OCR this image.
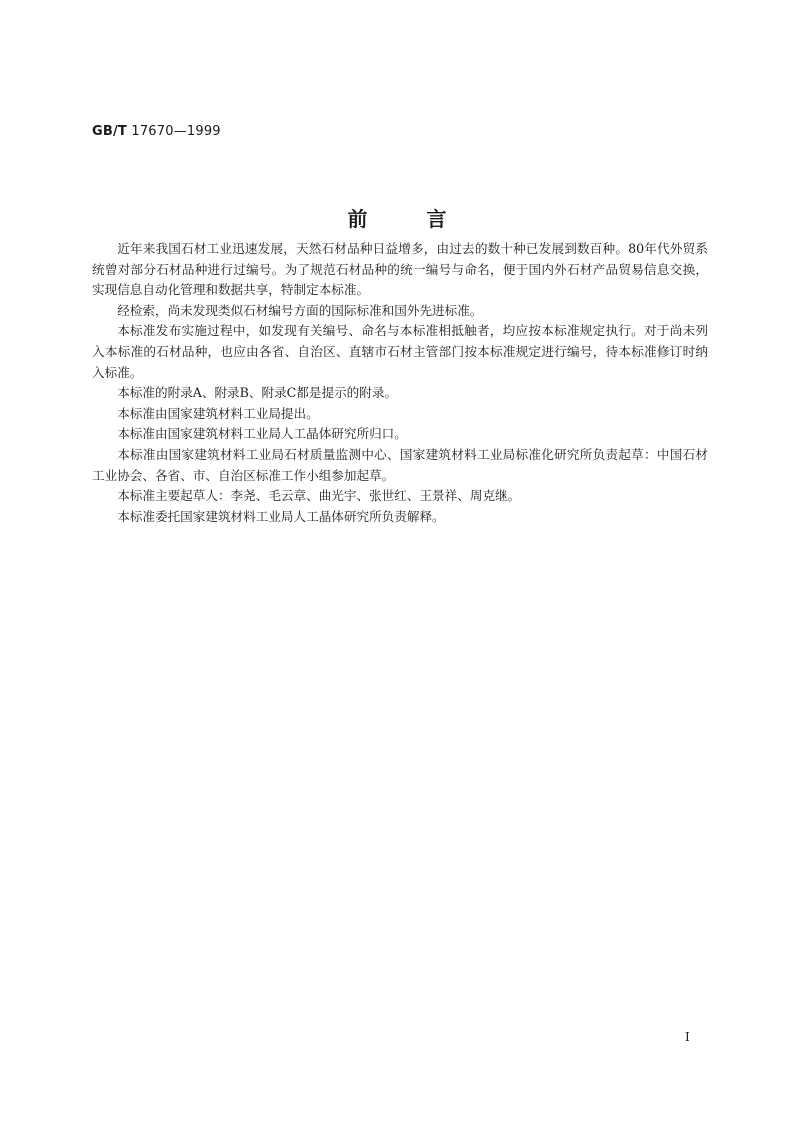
GB/T 17670—1999
前 言

近年来我国石材工业迅速发展，天然石材品种日益增多，由过去的数十种已发展到数百种。80年代外贸系统曾对部分石材品种进行过编号。为了规范石材品种的统一编号与命名，便于国内外石材产品贸易信息交换，实现信息自动化管理和数据共享，特制定本标准。

经检索，尚未发现类似石材编号方面的国际标准和国外先进标准。

本标准发布实施过程中，如发现有关编号、命名与本标准相抵触者，均应按本标准规定执行。对于尚未列入本标准的石材品种，也应由各省、自治区、直辖市石材主管部门按本标准规定进行编号，待本标准修订时纳入标准。

本标准的附录A、附录B、附录C都是提示的附录。

本标准由国家建筑材料工业局提出。

本标准由国家建筑材料工业局人工晶体研究所归口。

本标准由国家建筑材料工业局石材质量监测中心、国家建筑材料工业局标准化研究所负责起草：中国石材工业协会、各省、市、自治区标准工作小组参加起草。

本标准主要起草人：李尧、毛云章、曲光宇、张世红、王景祥、周克继。

本标准委托国家建筑材料工业局人工晶体研究所负责解释。

I
